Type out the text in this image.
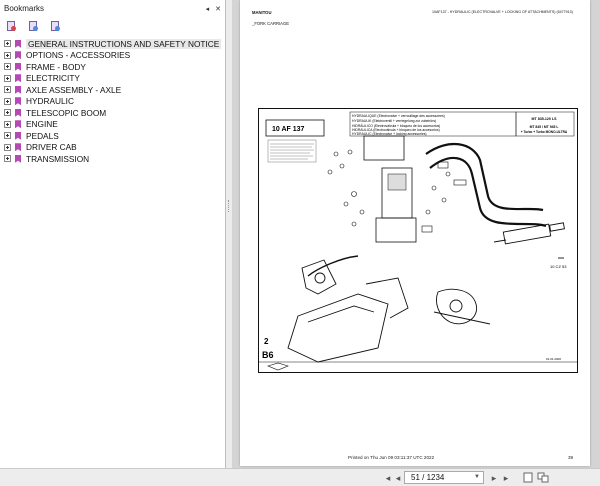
Bookmarks	◂ ✕
GENERAL INSTRUCTIONS AND SAFETY NOTICE
OPTIONS - ACCESSORIES
FRAME - BODY
ELECTRICITY
AXLE ASSEMBLY - AXLE
HYDRAULIC
TELESCOPIC BOOM
ENGINE
PEDALS
DRIVER CAB
TRANSMISSION
MANITOU	10AF137 - HYDRAULIC (ELECTROVALVE + LOCKING OF ATTACHMENTS) (5477913)
_FORK CARRIAGE
10 AF 137
HYDRAULIQUE (Electrovalve + verrouillage des accessoires)
HYDRAULIK (Elektroventil + verriegelung zur zubehörs)
HIDRÁULICO (Electroválvula + bloqueo de los accesorios)
HIDRAULICA (Electroválvula + bloqueo de los accesorios)
HYDRAULIC (Electrovalve + locking accessories)
MT 835-120 LS
MT 845 / MT 945 L
+ Turbo + Turbo MONO-ULTRA
10 CZ 53
2
B6	01.01.2000
Printed on Thu Jun 09 03:11:37 UTC 2022	39
◂ ◂	51 / 1234	▼	▸ ▸
